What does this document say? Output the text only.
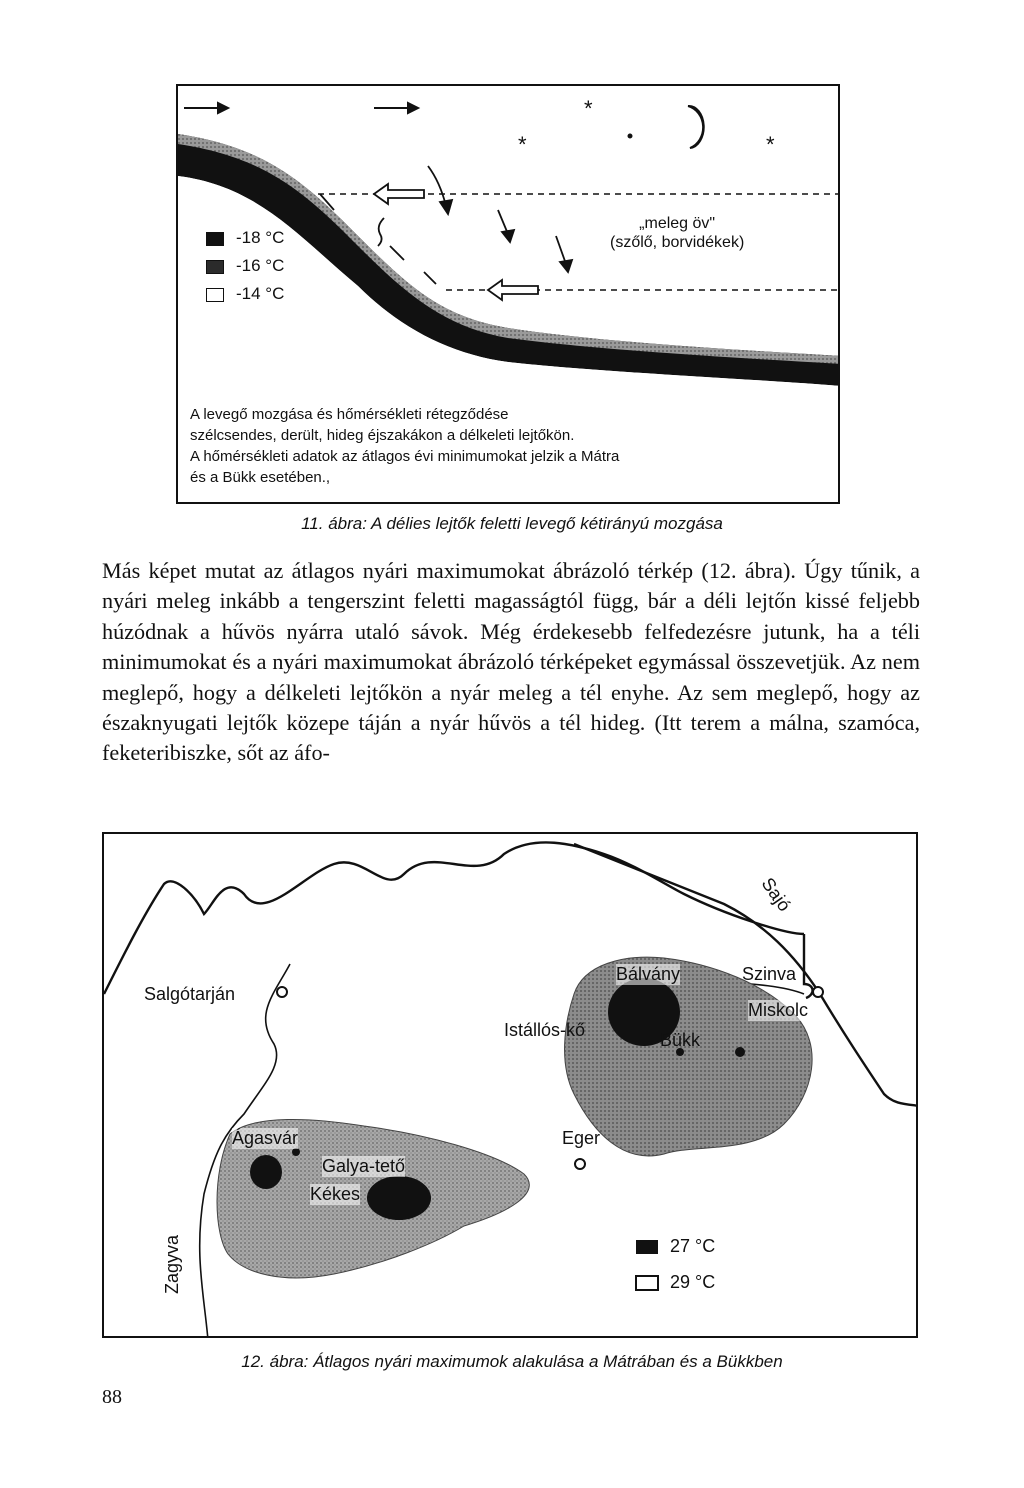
*
*	*
-18 °C
-16 °C
-14 °C
„meleg öv"
(szőlő, borvidékek)
A levegő mozgása és hőmérsékleti rétegződése
szélcsendes, derült, hideg éjszakákon a délkeleti lejtőkön.
A hőmérsékleti adatok az átlagos évi minimumokat jelzik a Mátra
és a Bükk esetében.,
11. ábra: A délies lejtők feletti levegő kétirányú mozgása

Más képet mutat az átlagos nyári maximumokat ábrázoló térkép (12. ábra). Úgy tűnik, a nyári meleg inkább a tengerszint feletti magasságtól függ, bár a déli lejtőn kissé feljebb húzódnak a hűvös nyárra utaló sávok. Még érdekesebb felfedezésre jutunk, ha a téli minimumokat és a nyári maximumokat ábrázoló térképeket egymással összevetjük. Az nem meglepő, hogy a délkeleti lejtőkön a nyár meleg a tél enyhe. Az sem meglepő, hogy az északnyugati lejtők közepe táján a nyár hűvös a tél hideg. (Itt terem a málna, szamóca, feketeribiszke, sőt az áfo-

Salgótarján
Istállós-kő
Bálvány	Szinva
Miskolc
Bükk
Eger
Ágasvár
Galya-tető
Kékes
Sajó
Zagyva	27 °C
29 °C
12. ábra: Átlagos nyári maximumok alakulása a Mátrában és a Bükkben
88
